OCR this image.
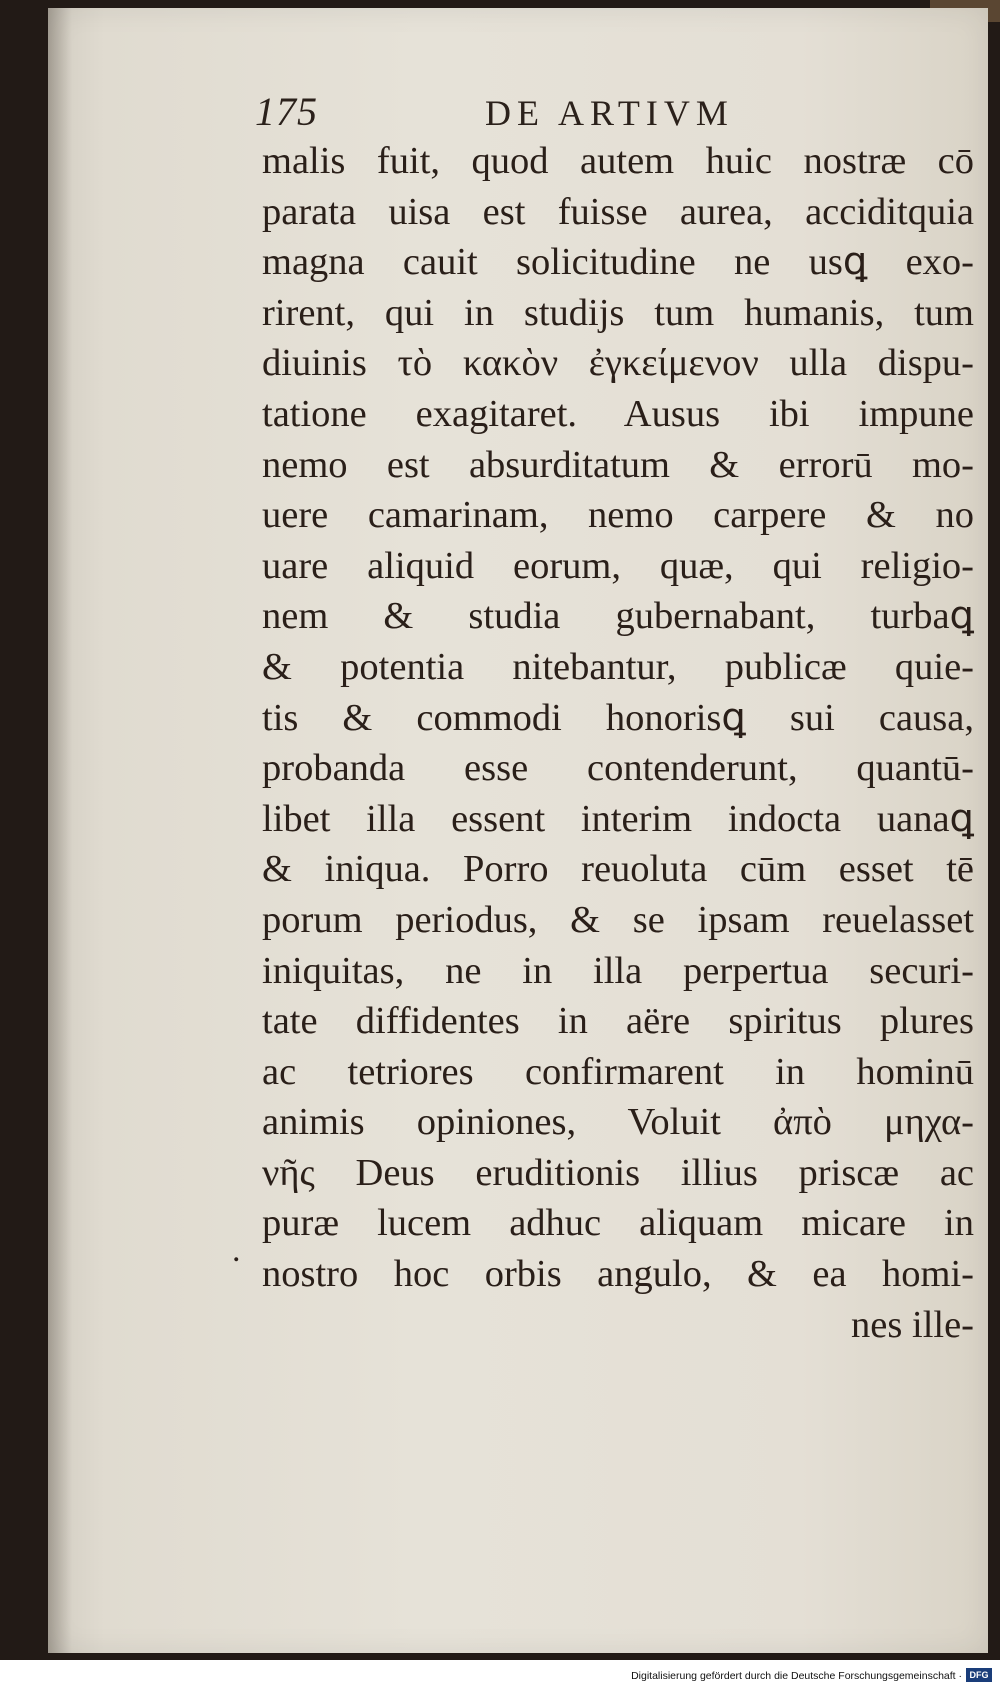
175	DE ARTIVM
malis fuit, quod autem huic nostræ cō
parata uisa est fuisse aurea, acciditquia
magna cauit solicitudine ne usꝗ exo-
rirent, qui in studijs tum humanis, tum
diuinis τὸ κακὸν ἐγκείμενον ulla dispu-
tatione exagitaret. Ausus ibi impune
nemo est absurditatum & errorū mo-
uere camarinam, nemo carpere & no
uare aliquid eorum, quæ, qui religio-
nem & studia gubernabant, turbaꝗ
& potentia nitebantur, publicæ quie-
tis & commodi honorisꝗ sui causa,
probanda esse contenderunt, quantū-
libet illa essent interim indocta uanaꝗ
& iniqua. Porro reuoluta cūm esset tē
porum periodus, & se ipsam reuelasset
iniquitas, ne in illa perpertua securi-
tate diffidentes in aëre spiritus plures
ac tetriores confirmarent in hominū
animis opiniones, Voluit ἀπὸ μηχα-
νῆς Deus eruditionis illius priscæ ac
puræ lucem adhuc aliquam micare in
nostro hoc orbis angulo, & ea homi-
nes ille-
.
Digitalisierung gefördert durch die Deutsche Forschungsgemeinschaft · DFG
